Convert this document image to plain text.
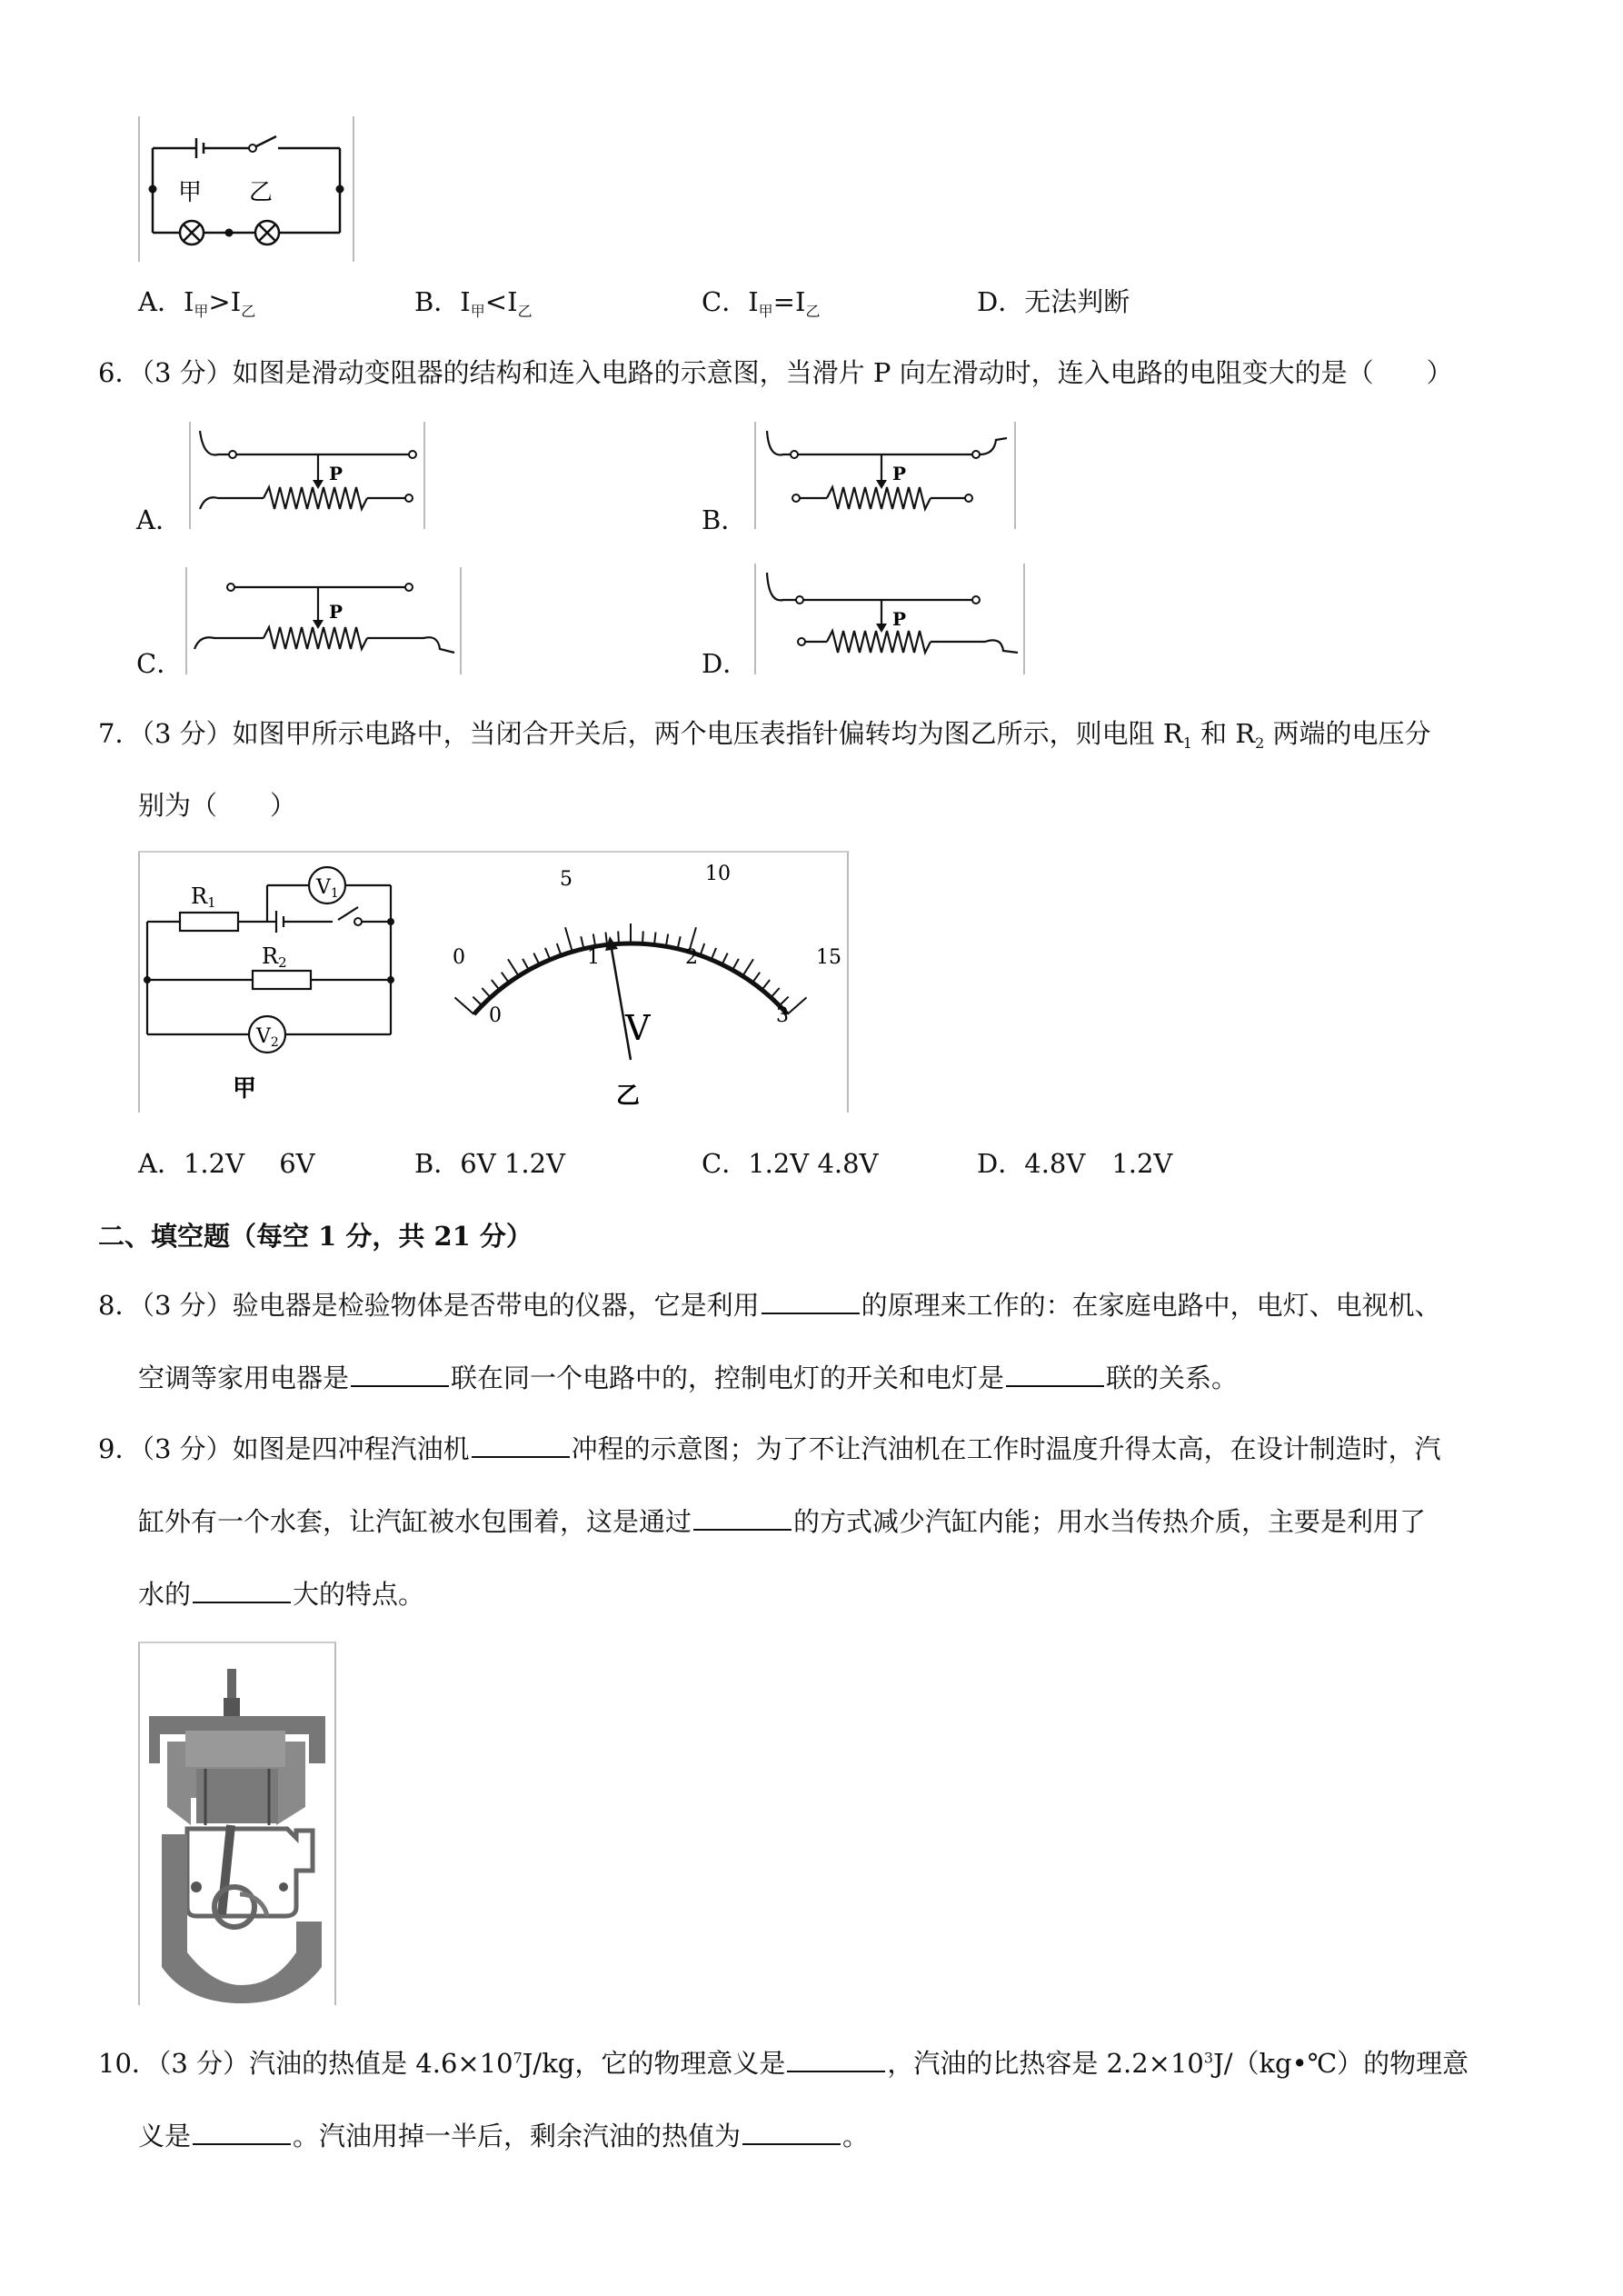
甲 乙
A．$I_甲>I_乙$	B．$I_甲<I_乙$	C．$I_甲=I_乙$	D．无法判断
6．（3 分）如图是滑动变阻器的结构和连入电路的示意图，当滑片 P 向左滑动时，连入电路的电阻变大的是（　　）
A．
P
B．
P
C．
P
D．
P
7．（3 分）如图甲所示电路中，当闭合开关后，两个电压表指针偏转均为图乙所示，则电阻 $R_1$ 和 $R_2$ 两端的电压分
别为（　　）
R1
R2
V1
V2
甲
0
5	10
15
0
1	2
3
V
乙
A．1.2V　 6V	B．6V 1.2V	C．1.2V 4.8V	D．4.8V　1.2V
二、填空题（每空 1 分，共 21 分）
8．（3 分）验电器是检验物体是否带电的仪器，它是利用	的原理来工作的：在家庭电路中，电灯、电视机、
空调等家用电器是	联在同一个电路中的，控制电灯的开关和电灯是	联的关系。
9．（3 分）如图是四冲程汽油机	冲程的示意图；为了不让汽油机在工作时温度升得太高，在设计制造时，汽
缸外有一个水套，让汽缸被水包围着，这是通过	的方式减少汽缸内能；用水当传热介质，主要是利用了
水的	大的特点。
10．（3 分）汽油的热值是 $4.6\times 10^7J/kg$，它的物理意义是	，汽油的比热容是 $2.2\times 10^3J/(kg•℃)$的物理意
义是	。汽油用掉一半后，剩余汽油的热值为	。
